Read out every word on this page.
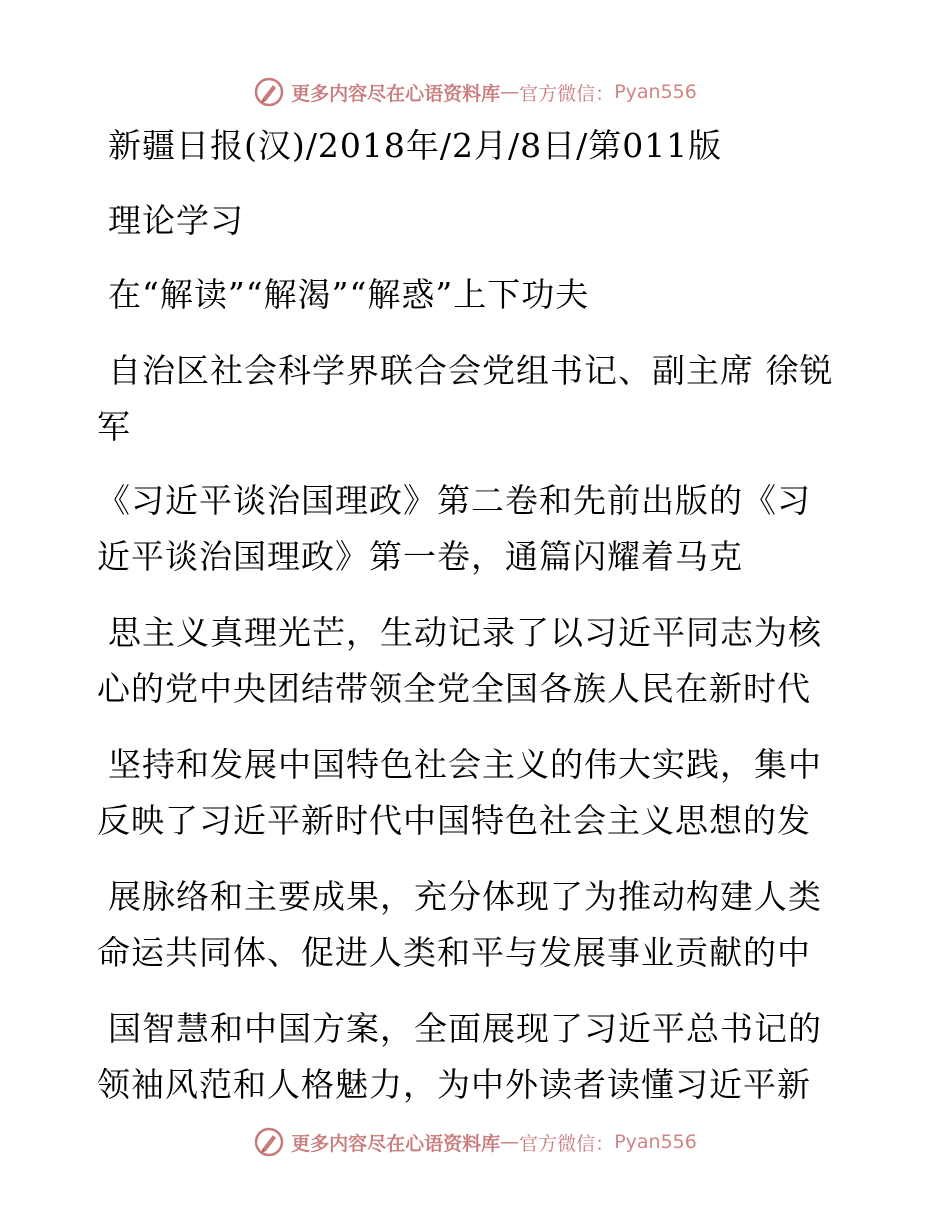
更多内容尽在心语资料库 — 官方微信： Pyan556
新疆日报(汉)/2018年/2月/8日/第011版
理论学习
在“解读”“解渴”“解惑”上下功夫
自治区社会科学界联合会党组书记、副主席 徐锐
军
《习近平谈治国理政》第二卷和先前出版的《习
近平谈治国理政》第一卷，通篇闪耀着马克
思主义真理光芒，生动记录了以习近平同志为核
心的党中央团结带领全党全国各族人民在新时代
坚持和发展中国特色社会主义的伟大实践，集中
反映了习近平新时代中国特色社会主义思想的发
展脉络和主要成果，充分体现了为推动构建人类
命运共同体、促进人类和平与发展事业贡献的中
国智慧和中国方案，全面展现了习近平总书记的
领袖风范和人格魅力，为中外读者读懂习近平新
更多内容尽在心语资料库 — 官方微信： Pyan556
